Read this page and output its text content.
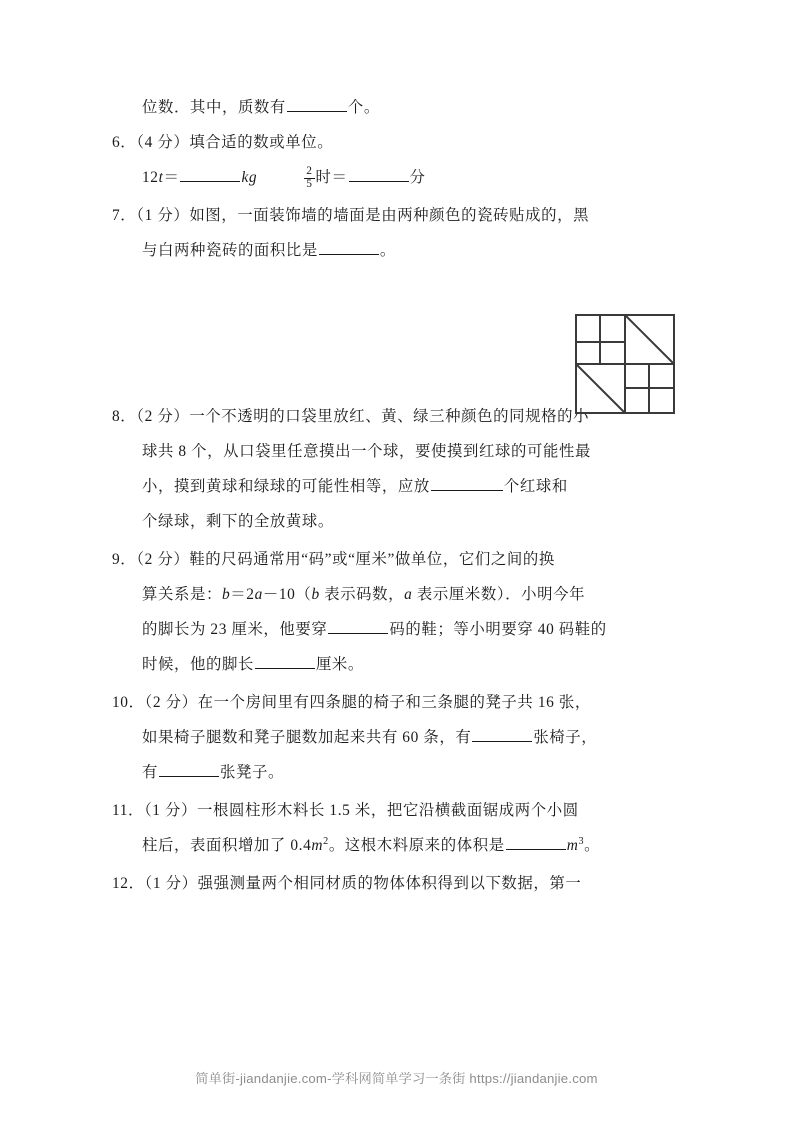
位数．其中，质数有	个。
6．（4 分）填合适的数或单位。
12t＝	kg	$\frac{2}{5}$ 时＝	分
7．（1 分）如图，一面装饰墙的墙面是由两种颜色的瓷砖贴成的，黑
与白两种瓷砖的面积比是	。
8．（2 分）一个不透明的口袋里放红、黄、绿三种颜色的同规格的小
球共 8 个，从口袋里任意摸出一个球，要使摸到红球的可能性最
小，摸到黄球和绿球的可能性相等，应放	个红球和
个绿球，剩下的全放黄球。
9．（2 分）鞋的尺码通常用“码”或“厘米”做单位，它们之间的换
算关系是：b＝2a－10（b 表示码数，a 表示厘米数）．小明今年
的脚长为 23 厘米，他要穿	码的鞋；等小明要穿 40 码鞋的
时候，他的脚长	厘米。
10．（2 分）在一个房间里有四条腿的椅子和三条腿的凳子共 16 张，
如果椅子腿数和凳子腿数加起来共有 60 条，有	张椅子，
有	张凳子。
11．（1 分）一根圆柱形木料长 1.5 米，把它沿横截面锯成两个小圆
柱后，表面积增加了 $0.4m^2$。这根木料原来的体积是	$m^3$。
12．（1 分）强强测量两个相同材质的物体体积得到以下数据，第一
简单街-jiandanjie.com-学科网简单学习一条街 https://jiandanjie.com
